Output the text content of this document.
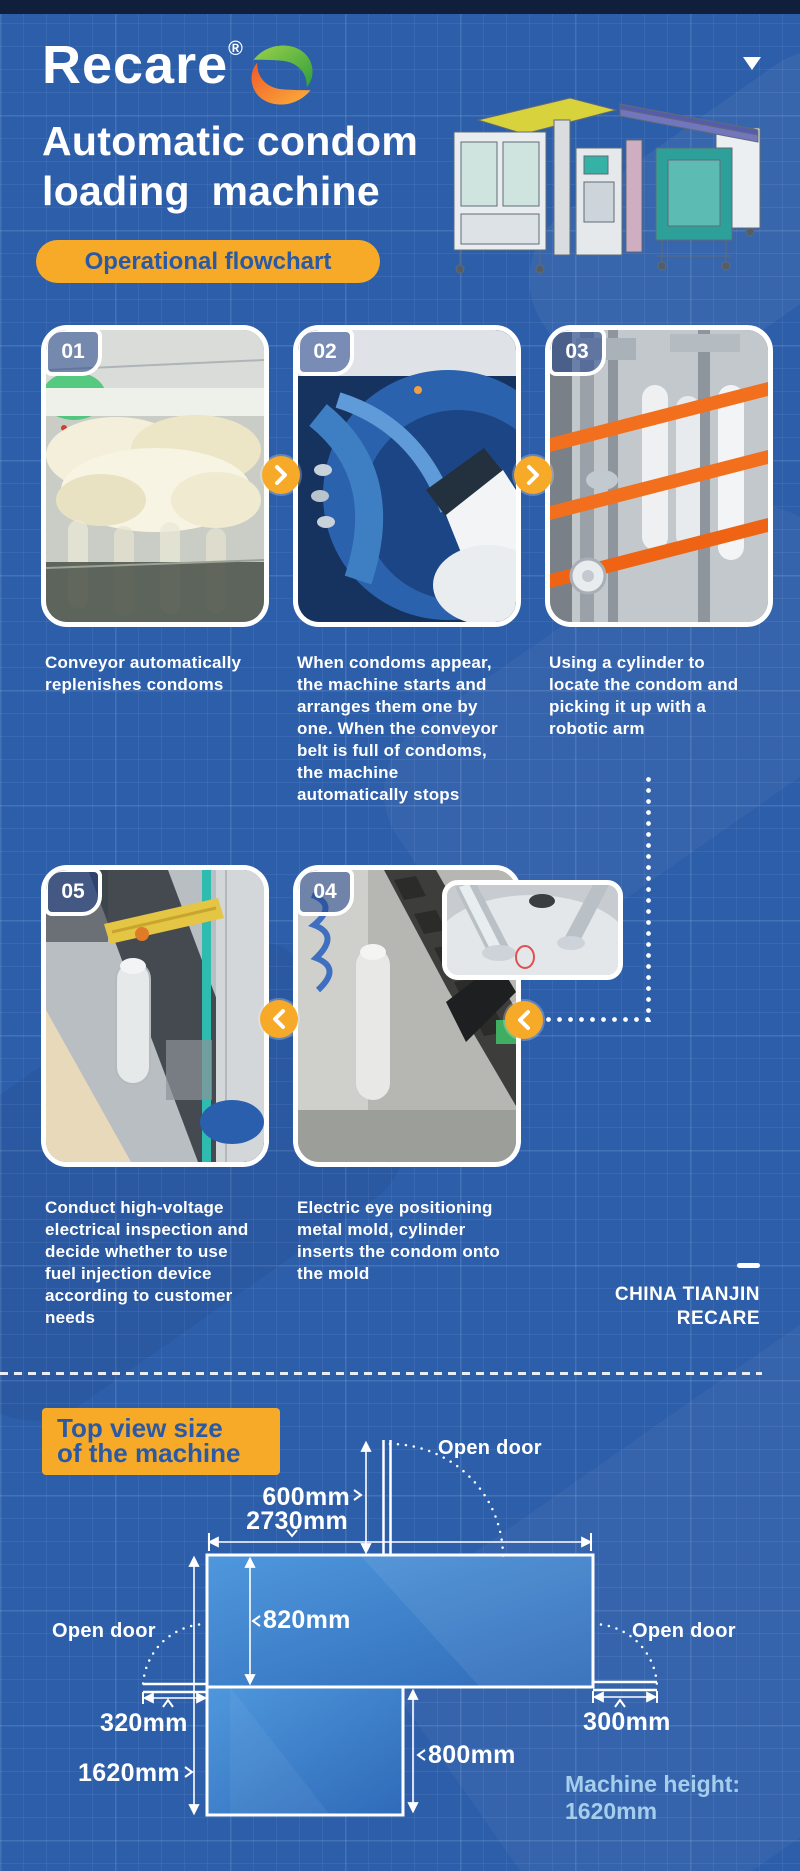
Recare®
Automatic condom
loading machine
Operational flowchart
01	02	03
Conveyor automatically replenishes condoms
When condoms appear, the machine starts and arranges them one by one. When the conveyor belt is full of condoms, the machine automatically stops
Using a cylinder to locate the condom and picking it up with a robotic arm
05	04
Conduct high-voltage electrical inspection and decide whether to use fuel injection device according to customer needs
Electric eye positioning metal mold, cylinder inserts the condom onto the mold
CHINA TIANJIN
RECARE
Top view size
of the machine	Open door
600mm
2730mm
820mm
Open door
320mm
1620mm
Open door
300mm
800mm
Machine height:
1620mm
